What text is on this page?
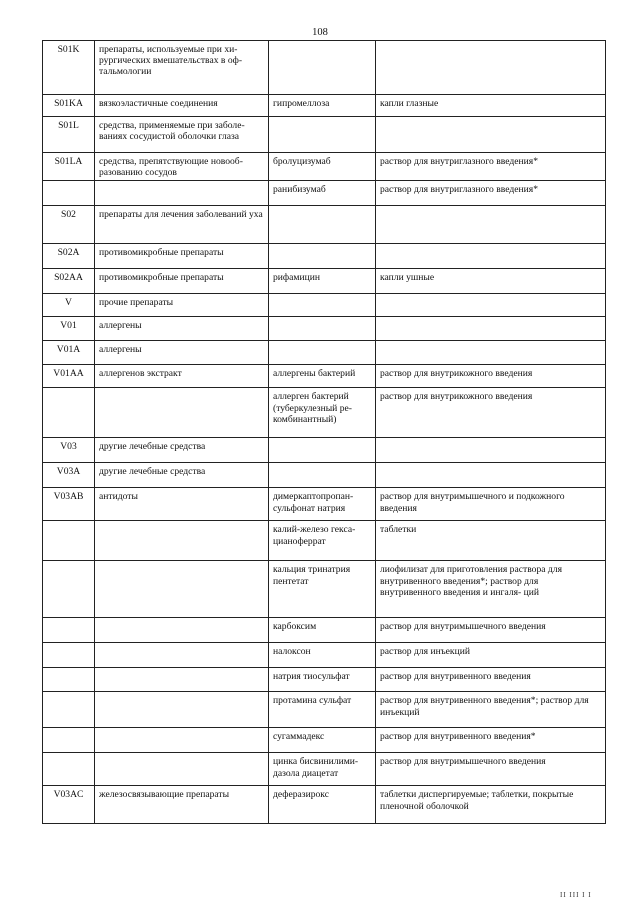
108
S01K	препараты, используемые при хи- рургических вмешательствах в оф- тальмологии		
S01KA	вязкоэластичные соединения	гипромеллоза	капли глазные
S01L	средства, применяемые при заболе- ваниях сосудистой оболочки глаза		
S01LA	средства, препятствующие новооб- разованию сосудов	бролуцизумаб	раствор для внутриглазного введения*
		ранибизумаб	раствор для внутриглазного введения*
S02	препараты для лечения заболеваний уха		
S02A	противомикробные препараты		
S02AA	противомикробные препараты	рифамицин	капли ушные
V	прочие препараты		
V01	аллергены		
V01A	аллергены		
V01AA	аллергенов экстракт	аллергены бактерий	раствор для внутрикожного введения
		аллерген бактерий (туберкулезный ре- комбинантный)	раствор для внутрикожного введения
V03	другие лечебные средства		
V03A	другие лечебные средства		
V03AB	антидоты	димеркаптопропан- сульфонат натрия	раствор для внутримышечного и подкожного введения
		калий-железо гекса- цианоферрат	таблетки
		кальция тринатрия пентетат	лиофилизат для приготовления раствора для внутривенного введения*; раствор для внутривенного введения и ингаля- ций
		карбоксим	раствор для внутримышечного введения
		налоксон	раствор для инъекций
		натрия тиосульфат	раствор для внутривенного введения
		протамина сульфат	раствор для внутривенного введения*; раствор для инъекций
		сугаммадекс	раствор для внутривенного введения*
		цинка бисвинилими- дазола диацетат	раствор для внутримышечного введения
V03AC	железосвязывающие препараты	деферазирокс	таблетки диспергируемые; таблетки, покрытые пленочной оболочкой
II III I I
